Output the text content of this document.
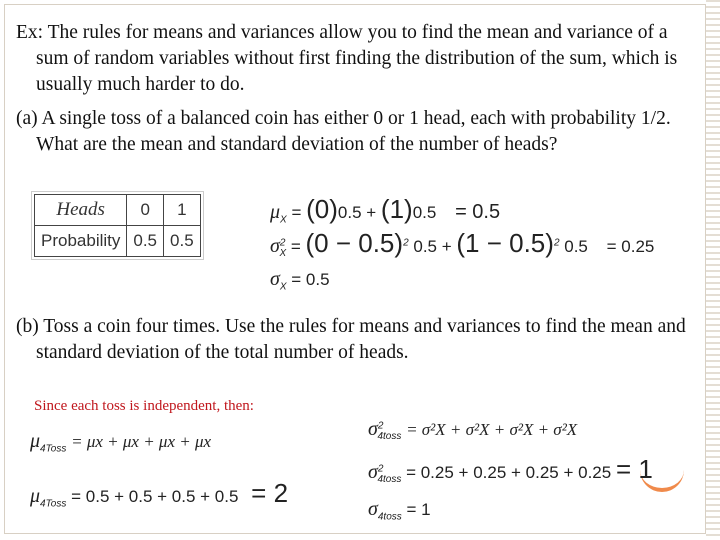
Ex: The rules for means and variances allow you to find the mean and variance of a sum of random variables without first finding the distribution of the sum, which is usually much harder to do.

(a) A single toss of a balanced coin has either 0 or 1 head, each with probability 1/2. What are the mean and standard deviation of the number of heads?

Heads	0	1
Probability	0.5	0.5
$\mu_X = (0)0.5 + (1)0.5 = 0.5$
$\sigma^2_X = (0 - 0.5)^2$ $0.5 + (1 - 0.5)^2$ 0.5 = 0.25
$\sigma_X = 0.5$

(b) Toss a coin four times. Use the rules for means and variances to find the mean and standard deviation of the total number of heads.

Since each toss is independent, then:
$\mu_{4Toss} = \mu x + \mu x + \mu x + \mu x$
$\mu_{4Toss} = 0.5 + 0.5 + 0.5 + 0.5 = 2$
$\sigma^2_{4toss} = \sigma^2X + \sigma^2X + \sigma^2X + \sigma^2X$
$\sigma^2_{4toss} = 0.25 + 0.25 + 0.25 + 0.25 = 1$
$\sigma_{4toss} = 1$
